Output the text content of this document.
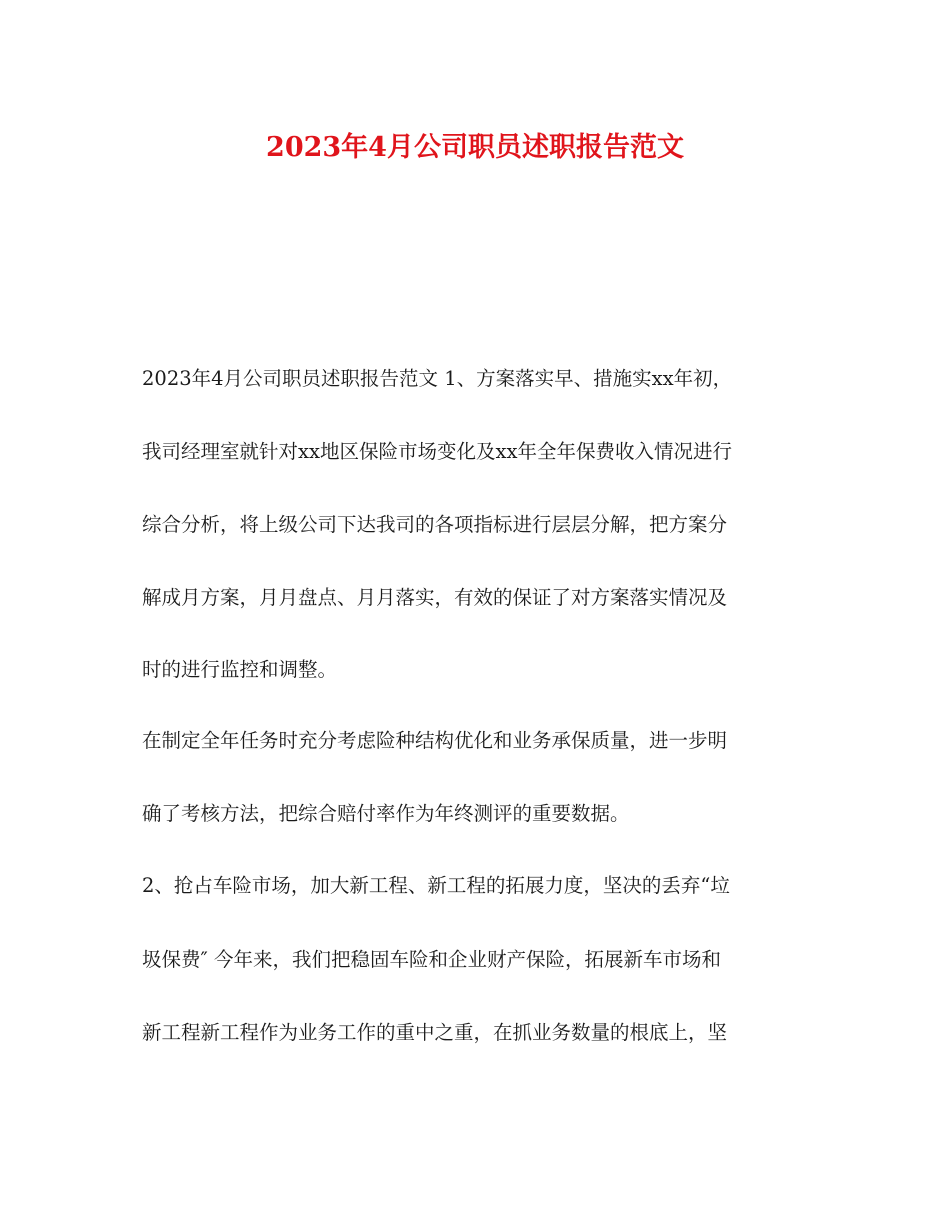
2023年4月公司职员述职报告范文
2023年4月公司职员述职报告范文 1、方案落实早、措施实xx年初，
我司经理室就针对xx地区保险市场变化及xx年全年保费收入情况进行
综合分析，将上级公司下达我司的各项指标进行层层分解，把方案分
解成月方案，月月盘点、月月落实，有效的保证了对方案落实情况及
时的进行监控和调整。
在制定全年任务时充分考虑险种结构优化和业务承保质量，进一步明
确了考核方法，把综合赔付率作为年终测评的重要数据。
2、抢占车险市场，加大新工程、新工程的拓展力度，坚决的丢弃“垃
圾保费″ 今年来，我们把稳固车险和企业财产保险，拓展新车市场和
新工程新工程作为业务工作的重中之重，在抓业务数量的根底上，坚
